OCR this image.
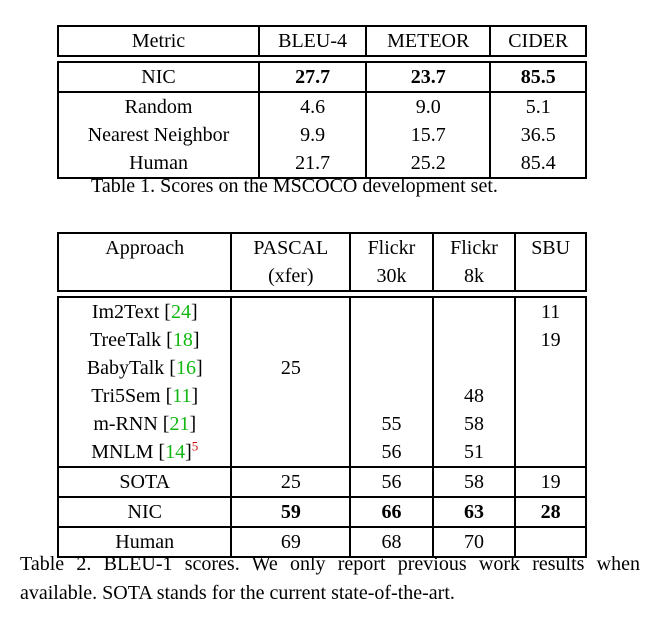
Metric	BLEU-4	METEOR	CIDER

NIC	27.7	23.7	85.5
Random	4.6	9.0	5.1
Nearest Neighbor	9.9	15.7	36.5
Human	21.7	25.2	85.4

Table 1. Scores on the MSCOCO development set.

Approach	PASCAL	Flickr	Flickr	SBU
	(xfer)	30k	8k	

Im2Text [24]				11
TreeTalk [18]				19
BabyTalk [16]	25			
Tri5Sem [11]			48	
m-RNN [21]		55	58	
MNLM $[14]^5$		56	51	
SOTA	25	56	58	19
NIC	59	66	63	28
Human	69	68	70	

Table 2. BLEU-1 scores. We only report previous work results when available. SOTA stands for the current state-of-the-art.
